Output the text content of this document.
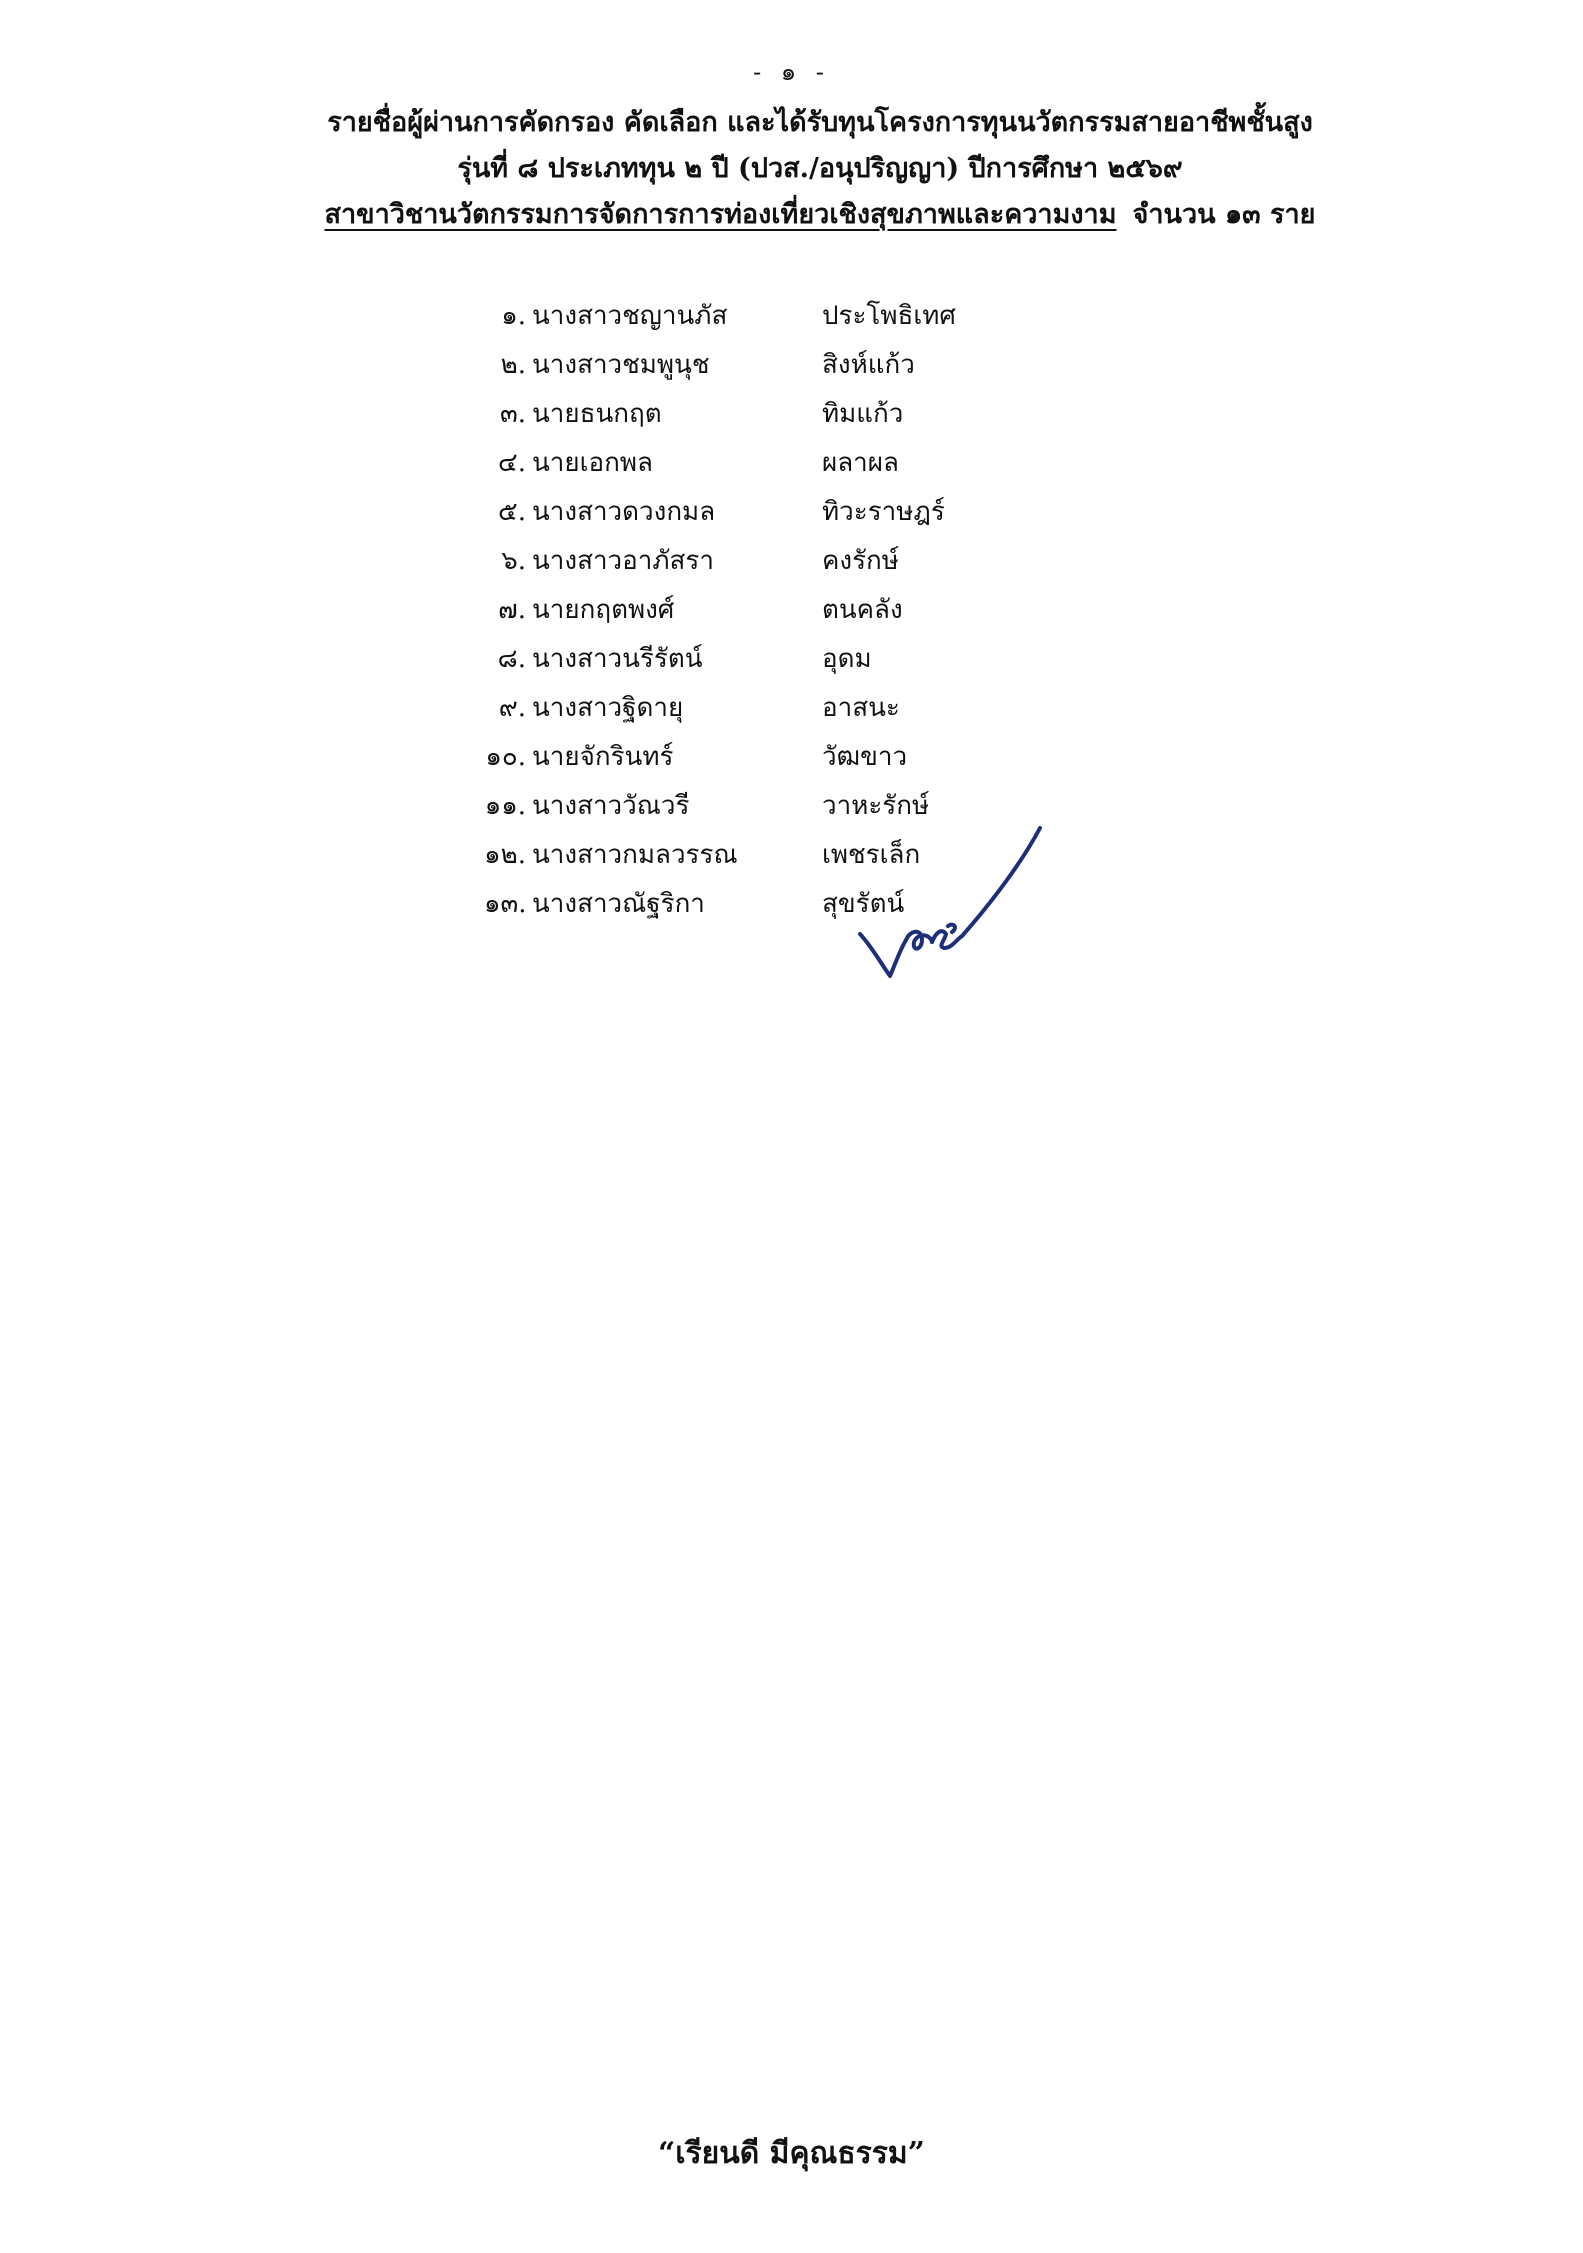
- ๑ -
รายชื่อผู้ผ่านการคัดกรอง คัดเลือก และได้รับทุนโครงการทุนนวัตกรรมสายอาชีพชั้นสูง
รุ่นที่ ๘ ประเภททุน ๒ ปี (ปวส./อนุปริญญา) ปีการศึกษา ๒๕๖๙
สาขาวิชานวัตกรรมการจัดการการท่องเที่ยวเชิงสุขภาพและความงาม จำนวน ๑๓ ราย
๑. นางสาวชญานภัส	ประโพธิเทศ
๒. นางสาวชมพูนุช	สิงห์แก้ว
๓. นายธนกฤต	ทิมแก้ว
๔. นายเอกพล	ผลาผล
๕. นางสาวดวงกมล	ทิวะราษฎร์
๖. นางสาวอาภัสรา	คงรักษ์
๗. นายกฤตพงศ์	ตนคลัง
๘. นางสาวนรีรัตน์	อุดม
๙. นางสาวฐิดายุ	อาสนะ
๑๐. นายจักรินทร์	วัฒขาว
๑๑. นางสาววัณวรี	วาหะรักษ์
๑๒. นางสาวกมลวรรณ	เพชรเล็ก
๑๓. นางสาวณัฐริกา	สุขรัตน์
“เรียนดี มีคุณธรรม”
